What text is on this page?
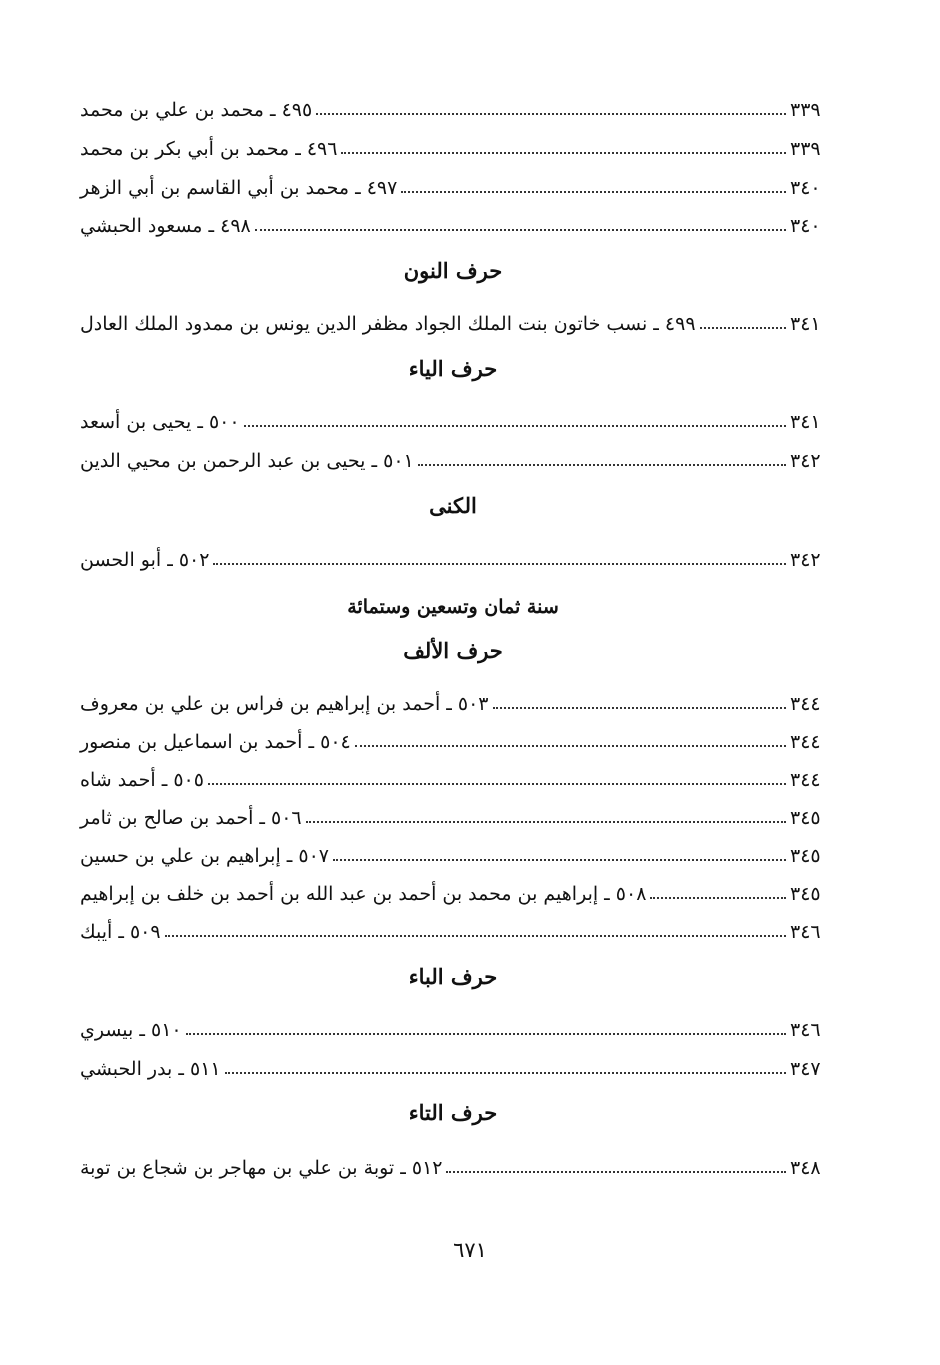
٤٩٥ ـ محمد بن علي بن محمد	٣٣٩
٤٩٦ ـ محمد بن أبي بكر بن محمد	٣٣٩
٤٩٧ ـ محمد بن أبي القاسم بن أبي الزهر	٣٤٠
٤٩٨ ـ مسعود الحبشي	٣٤٠
حرف النون
٤٩٩ ـ نسب خاتون بنت الملك الجواد مظفر الدين يونس بن ممدود الملك العادل	٣٤١
حرف الياء
٥٠٠ ـ يحيى بن أسعد	٣٤١
٥٠١ ـ يحيى بن عبد الرحمن بن محيي الدين	٣٤٢
الكنى
٥٠٢ ـ أبو الحسن	٣٤٢
سنة ثمان وتسعين وستمائة
حرف الألف
٥٠٣ ـ أحمد بن إبراهيم بن فراس بن علي بن معروف	٣٤٤
٥٠٤ ـ أحمد بن اسماعيل بن منصور	٣٤٤
٥٠٥ ـ أحمد شاه	٣٤٤
٥٠٦ ـ أحمد بن صالح بن ثامر	٣٤٥
٥٠٧ ـ إبراهيم بن علي بن حسين	٣٤٥
٥٠٨ ـ إبراهيم بن محمد بن أحمد بن عبد الله بن أحمد بن خلف بن إبراهيم	٣٤٥
٥٠٩ ـ أيبك	٣٤٦
حرف الباء
٥١٠ ـ بيسري	٣٤٦
٥١١ ـ بدر الحبشي	٣٤٧
حرف التاء
٥١٢ ـ توبة بن علي بن مهاجر بن شجاع بن توبة	٣٤٨
٦٧١
